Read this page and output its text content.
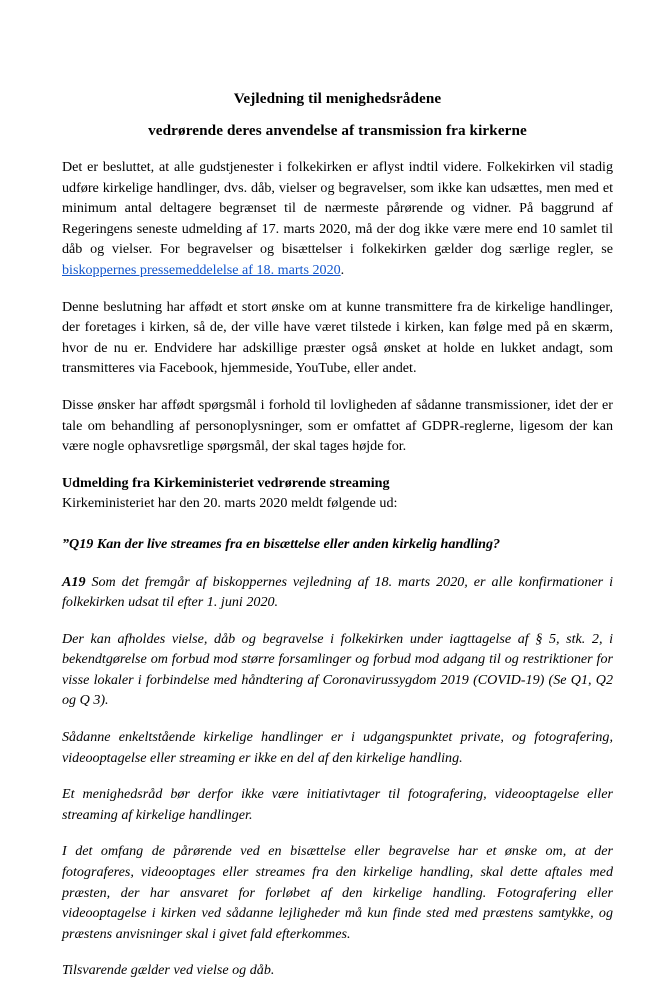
Vejledning til menighedsrådene
vedrørende deres anvendelse af transmission fra kirkerne

Det er besluttet, at alle gudstjenester i folkekirken er aflyst indtil videre. Folkekirken vil stadig udføre kirkelige handlinger, dvs. dåb, vielser og begravelser, som ikke kan udsættes, men med et minimum antal deltagere begrænset til de nærmeste pårørende og vidner. På baggrund af Regeringens seneste udmelding af 17. marts 2020, må der dog ikke være mere end 10 samlet til dåb og vielser. For begravelser og bisættelser i folkekirken gælder dog særlige regler, se biskoppernes pressemeddelelse af 18. marts 2020.

Denne beslutning har affødt et stort ønske om at kunne transmittere fra de kirkelige handlinger, der foretages i kirken, så de, der ville have været tilstede i kirken, kan følge med på en skærm, hvor de nu er. Endvidere har adskillige præster også ønsket at holde en lukket andagt, som transmitteres via Facebook, hjemmeside, YouTube, eller andet.

Disse ønsker har affødt spørgsmål i forhold til lovligheden af sådanne transmissioner, idet der er tale om behandling af personoplysninger, som er omfattet af GDPR-reglerne, ligesom der kan være nogle ophavsretlige spørgsmål, der skal tages højde for.

Udmelding fra Kirkeministeriet vedrørende streaming

Kirkeministeriet har den 20. marts 2020 meldt følgende ud:

”Q19 Kan der live streames fra en bisættelse eller anden kirkelig handling?

A19 Som det fremgår af biskoppernes vejledning af 18. marts 2020, er alle konfirmationer i folkekirken udsat til efter 1. juni 2020.

Der kan afholdes vielse, dåb og begravelse i folkekirken under iagttagelse af § 5, stk. 2, i bekendtgørelse om forbud mod større forsamlinger og forbud mod adgang til og restriktioner for visse lokaler i forbindelse med håndtering af Coronavirussygdom 2019 (COVID-19) (Se Q1, Q2 og Q 3).

Sådanne enkeltstående kirkelige handlinger er i udgangspunktet private, og fotografering, videooptagelse eller streaming er ikke en del af den kirkelige handling.

Et menighedsråd bør derfor ikke være initiativtager til fotografering, videooptagelse eller streaming af kirkelige handlinger.

I det omfang de pårørende ved en bisættelse eller begravelse har et ønske om, at der fotograferes, videooptages eller streames fra den kirkelige handling, skal dette aftales med præsten, der har ansvaret for forløbet af den kirkelige handling. Fotografering eller videooptagelse i kirken ved sådanne lejligheder må kun finde sted med præstens samtykke, og præstens anvisninger skal i givet fald efterkommes.

Tilsvarende gælder ved vielse og dåb.
